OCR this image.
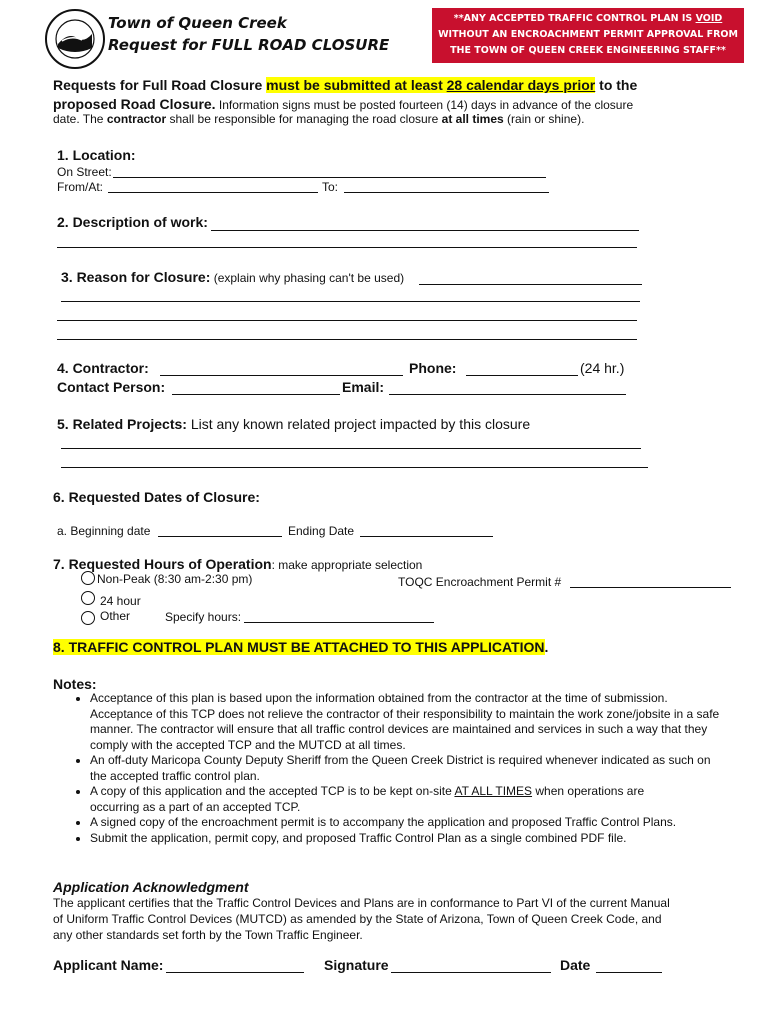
Town of Queen Creek
Request for FULL ROAD CLOSURE
**ANY ACCEPTED TRAFFIC CONTROL PLAN IS VOID
WITHOUT AN ENCROACHMENT PERMIT APPROVAL FROM
THE TOWN OF QUEEN CREEK ENGINEERING STAFF**
Requests for Full Road Closure must be submitted at least 28 calendar days prior to the
proposed Road Closure. Information signs must be posted fourteen (14) days in advance of the closure
date. The contractor shall be responsible for managing the road closure at all times (rain or shine).
1. Location:
On Street:
From/At:	To:
2. Description of work:
3. Reason for Closure: (explain why phasing can't be used)
4. Contractor:	Phone:	(24 hr.)
Contact Person:	Email:
5. Related Projects: List any known related project impacted by this closure
6. Requested Dates of Closure:
a. Beginning date	Ending Date
7. Requested Hours of Operation: make appropriate selection
Non-Peak (8:30 am-2:30 pm)	TOQC Encroachment Permit #
24 hour
Other	Specify hours:
8. TRAFFIC CONTROL PLAN MUST BE ATTACHED TO THIS APPLICATION.
Notes:
• Acceptance of this plan is based upon the information obtained from the contractor at the time of submission. Acceptance of this TCP does not relieve the contractor of their responsibility to maintain the work zone/jobsite in a safe manner. The contractor will ensure that all traffic control devices are maintained and services in such a way that they comply with the accepted TCP and the MUTCD at all times.
• An off-duty Maricopa County Deputy Sheriff from the Queen Creek District is required whenever indicated as such on the accepted traffic control plan.
• A copy of this application and the accepted TCP is to be kept on-site AT ALL TIMES when operations are
occurring as a part of an accepted TCP.
• A signed copy of the encroachment permit is to accompany the application and proposed Traffic Control Plans.
• Submit the application, permit copy, and proposed Traffic Control Plan as a single combined PDF file.
Application Acknowledgment
The applicant certifies that the Traffic Control Devices and Plans are in conformance to Part VI of the current Manual
of Uniform Traffic Control Devices (MUTCD) as amended by the State of Arizona, Town of Queen Creek Code, and
any other standards set forth by the Town Traffic Engineer.
Applicant Name:	Signature	Date
